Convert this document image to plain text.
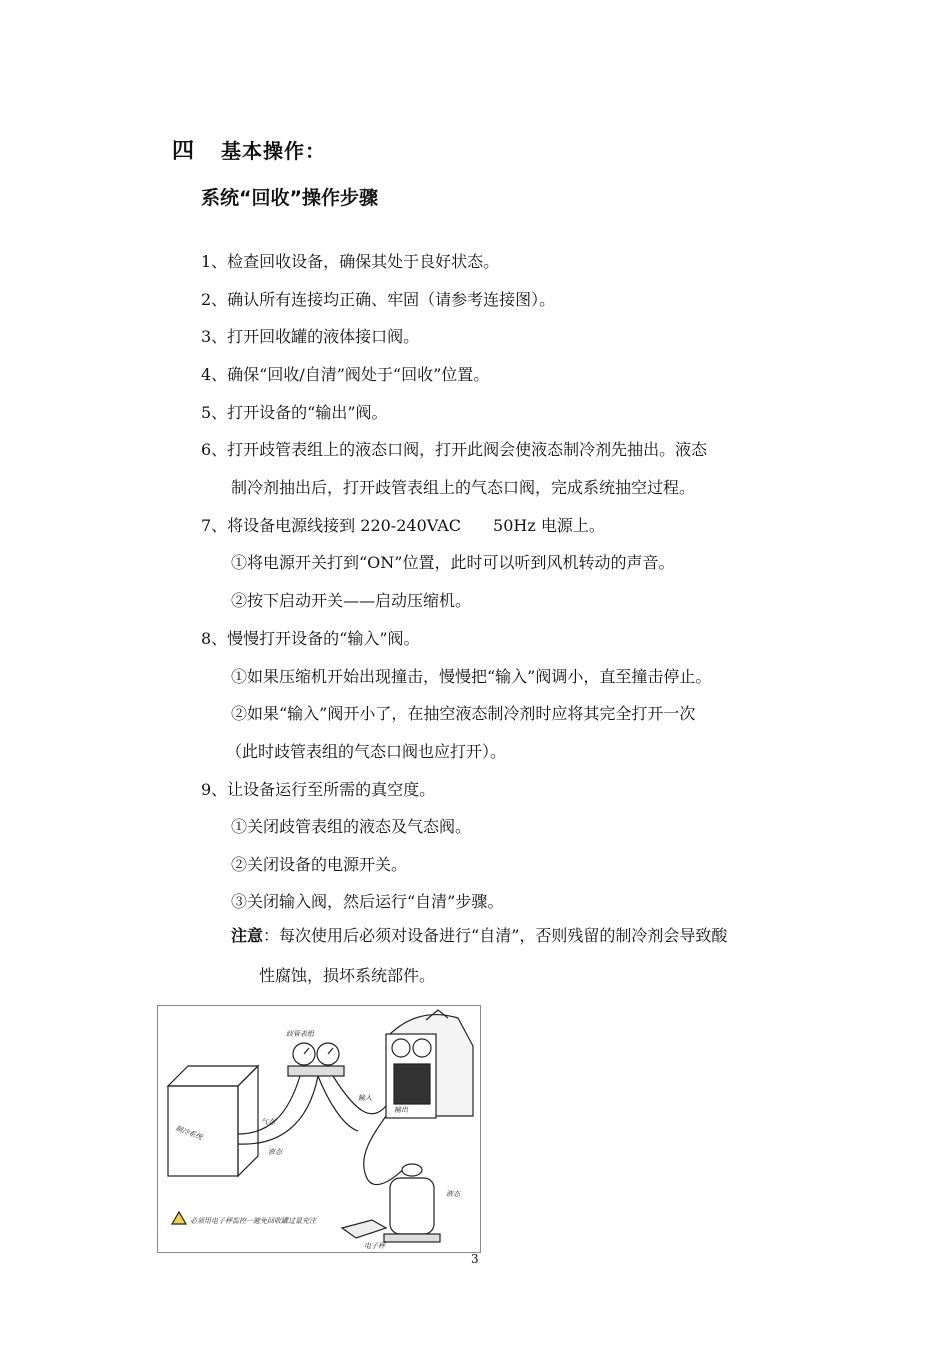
四 基本操作：
系统“回收”操作步骤
1、检查回收设备，确保其处于良好状态。
2、确认所有连接均正确、牢固（请参考连接图）。
3、打开回收罐的液体接口阀。
4、确保“回收/自清”阀处于“回收”位置。
5、打开设备的“输出”阀。
6、打开歧管表组上的液态口阀，打开此阀会使液态制冷剂先抽出。液态
制冷剂抽出后，打开歧管表组上的气态口阀，完成系统抽空过程。
7、将设备电源线接到 220-240VAC　　50Hz 电源上。
①将电源开关打到“ON”位置，此时可以听到风机转动的声音。
②按下启动开关——启动压缩机。
8、慢慢打开设备的“输入”阀。
①如果压缩机开始出现撞击，慢慢把“输入”阀调小，直至撞击停止。
②如果“输入”阀开小了，在抽空液态制冷剂时应将其完全打开一次
（此时歧管表组的气态口阀也应打开）。
9、让设备运行至所需的真空度。
①关闭歧管表组的液态及气态阀。
②关闭设备的电源开关。
③关闭输入阀，然后运行“自清”步骤。
注意：每次使用后必须对设备进行“自清”，否则残留的制冷剂会导致酸
性腐蚀，损坏系统部件。
歧管表组
制冷系统
气态
液态
输入
输出
液态
电子秤
必须用电子秤监控一避免回收罐过量充注
3
